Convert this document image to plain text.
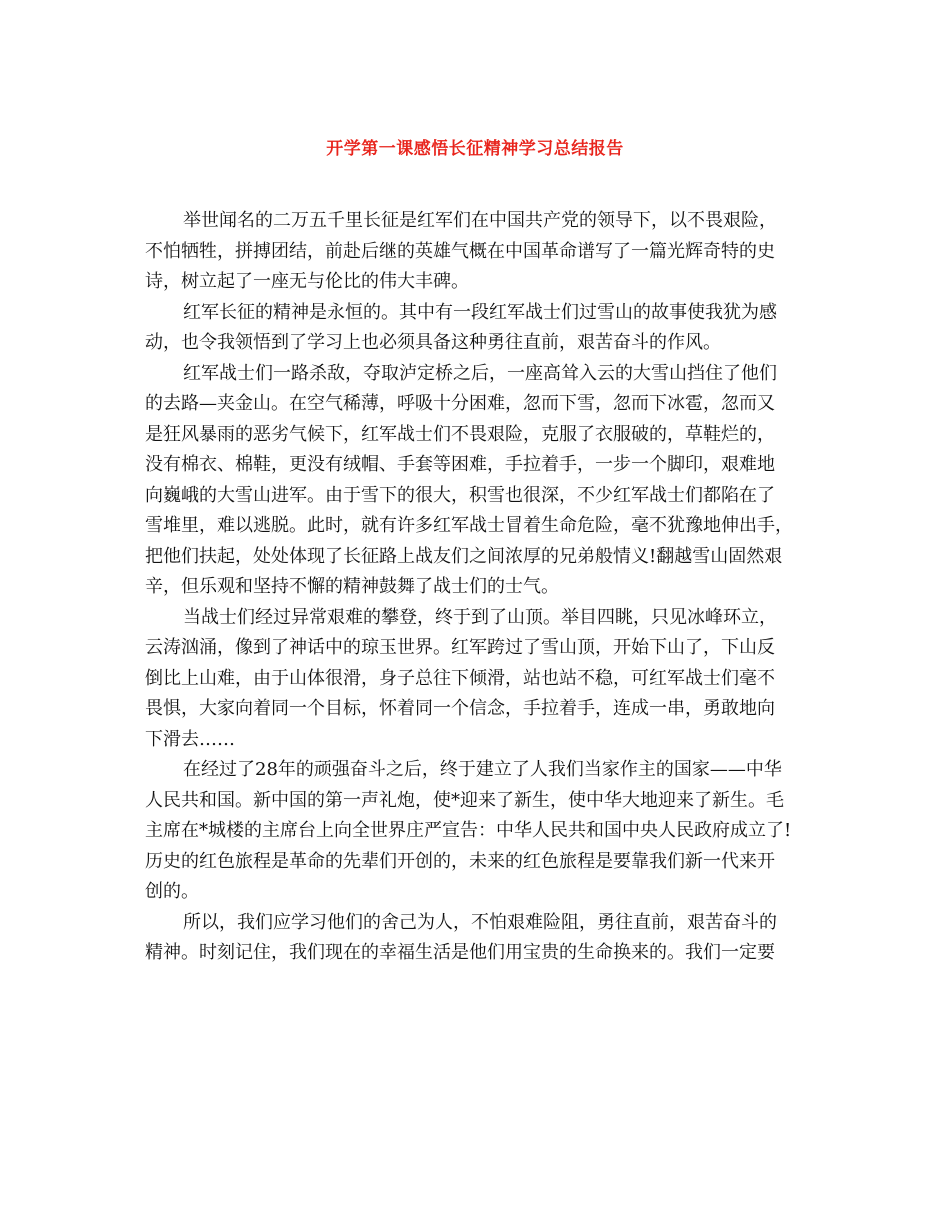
开学第一课感悟长征精神学习总结报告
举世闻名的二万五千里长征是红军们在中国共产党的领导下，以不畏艰险，
不怕牺牲，拼搏团结，前赴后继的英雄气概在中国革命谱写了一篇光辉奇特的史
诗，树立起了一座无与伦比的伟大丰碑。
红军长征的精神是永恒的。其中有一段红军战士们过雪山的故事使我犹为感
动，也令我领悟到了学习上也必须具备这种勇往直前，艰苦奋斗的作风。
红军战士们一路杀敌，夺取泸定桥之后，一座高耸入云的大雪山挡住了他们
的去路—夹金山。在空气稀薄，呼吸十分困难，忽而下雪，忽而下冰雹，忽而又
是狂风暴雨的恶劣气候下，红军战士们不畏艰险，克服了衣服破的，草鞋烂的，
没有棉衣、棉鞋，更没有绒帽、手套等困难，手拉着手，一步一个脚印，艰难地
向巍峨的大雪山进军。由于雪下的很大，积雪也很深，不少红军战士们都陷在了
雪堆里，难以逃脱。此时，就有许多红军战士冒着生命危险，毫不犹豫地伸出手，
把他们扶起，处处体现了长征路上战友们之间浓厚的兄弟般情义!翻越雪山固然艰
辛，但乐观和坚持不懈的精神鼓舞了战士们的士气。
当战士们经过异常艰难的攀登，终于到了山顶。举目四眺，只见冰峰环立，
云涛汹涌，像到了神话中的琼玉世界。红军跨过了雪山顶，开始下山了，下山反
倒比上山难，由于山体很滑，身子总往下倾滑，站也站不稳，可红军战士们毫不
畏惧，大家向着同一个目标，怀着同一个信念，手拉着手，连成一串，勇敢地向
下滑去……
在经过了28年的顽强奋斗之后，终于建立了人我们当家作主的国家——中华
人民共和国。新中国的第一声礼炮，使*迎来了新生，使中华大地迎来了新生。毛
主席在*城楼的主席台上向全世界庄严宣告：中华人民共和国中央人民政府成立了!
历史的红色旅程是革命的先辈们开创的，未来的红色旅程是要靠我们新一代来开
创的。
所以，我们应学习他们的舍己为人，不怕艰难险阻，勇往直前，艰苦奋斗的
精神。时刻记住，我们现在的幸福生活是他们用宝贵的生命换来的。我们一定要
